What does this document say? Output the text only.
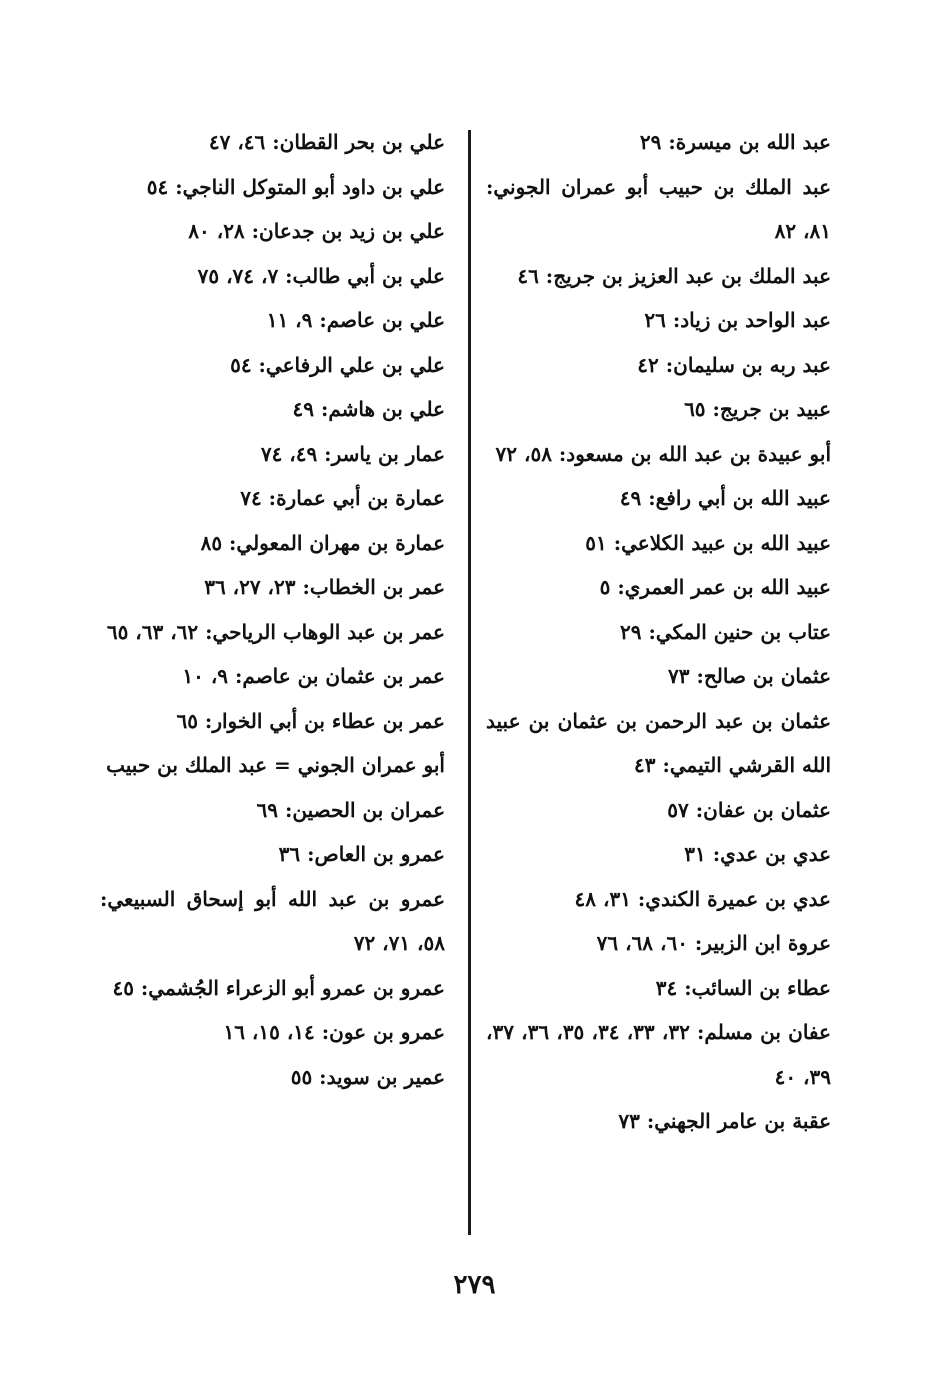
عبد الله بن ميسرة: ٢٩
عبد الملك بن حبيب أبو عمران الجوني: ٨١، ٨٢
عبد الملك بن عبد العزيز بن جريج: ٤٦
عبد الواحد بن زياد: ٢٦
عبد ربه بن سليمان: ٤٢
عبيد بن جريج: ٦٥
أبو عبيدة بن عبد الله بن مسعود: ٥٨، ٧٢
عبيد الله بن أبي رافع: ٤٩
عبيد الله بن عبيد الكلاعي: ٥١
عبيد الله بن عمر العمري: ٥
عتاب بن حنين المكي: ٢٩
عثمان بن صالح: ٧٣
عثمان بن عبد الرحمن بن عثمان بن عبيد الله القرشي التيمي: ٤٣
عثمان بن عفان: ٥٧
عدي بن عدي: ٣١
عدي بن عميرة الكندي: ٣١، ٤٨
عروة ابن الزبير: ٦٠، ٦٨، ٧٦
عطاء بن السائب: ٣٤
عفان بن مسلم: ٣٢، ٣٣، ٣٤، ٣٥، ٣٦، ٣٧، ٣٩، ٤٠
عقبة بن عامر الجهني: ٧٣
علي بن بحر القطان: ٤٦، ٤٧
علي بن داود أبو المتوكل الناجي: ٥٤
علي بن زيد بن جدعان: ٢٨، ٨٠
علي بن أبي طالب: ٧، ٧٤، ٧٥
علي بن عاصم: ٩، ١١
علي بن علي الرفاعي: ٥٤
علي بن هاشم: ٤٩
عمار بن ياسر: ٤٩، ٧٤
عمارة بن أبي عمارة: ٧٤
عمارة بن مهران المعولي: ٨٥
عمر بن الخطاب: ٢٣، ٢٧، ٣٦
عمر بن عبد الوهاب الرياحي: ٦٢، ٦٣، ٦٥
عمر بن عثمان بن عاصم: ٩، ١٠
عمر بن عطاء بن أبي الخوار: ٦٥
أبو عمران الجوني = عبد الملك بن حبيب
عمران بن الحصين: ٦٩
عمرو بن العاص: ٣٦
عمرو بن عبد الله أبو إسحاق السبيعي: ٥٨، ٧١، ٧٢
عمرو بن عمرو أبو الزعراء الجُشمي: ٤٥
عمرو بن عون: ١٤، ١٥، ١٦
عمير بن سويد: ٥٥
٢٧٩
